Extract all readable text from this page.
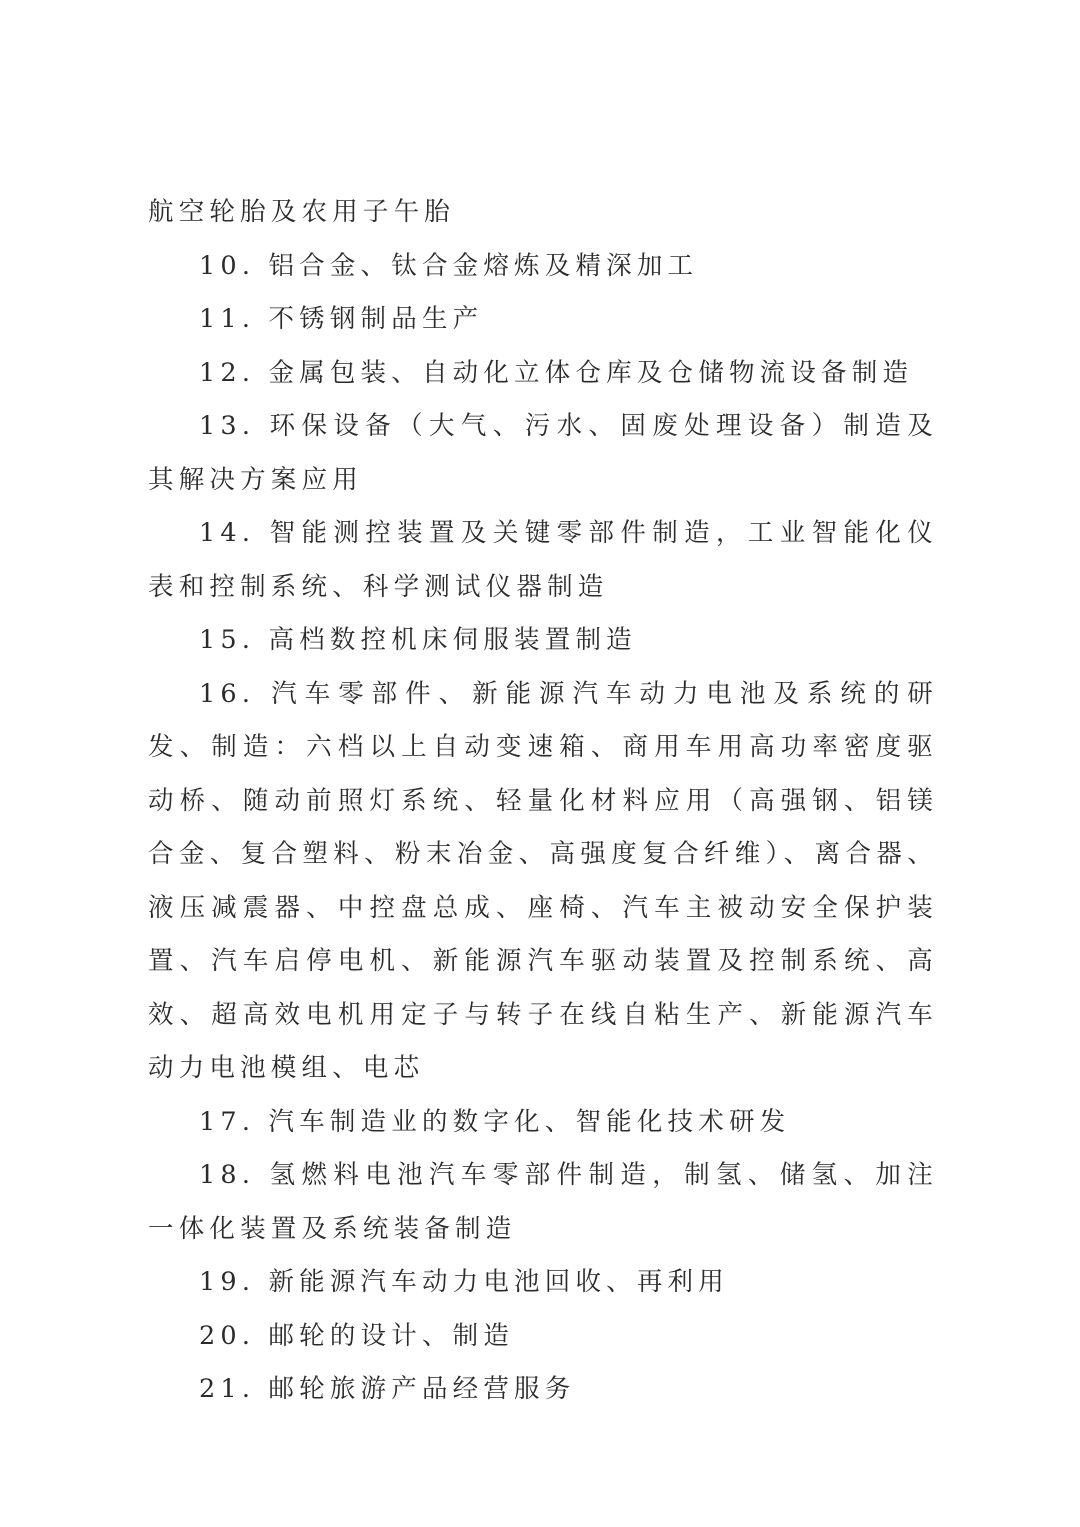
航空轮胎及农用子午胎

10. 铝合金、钛合金熔炼及精深加工

11. 不锈钢制品生产

12. 金属包装、自动化立体仓库及仓储物流设备制造

13. 环保设备（大气、污水、固废处理设备）制造及其解决方案应用

14. 智能测控装置及关键零部件制造，工业智能化仪表和控制系统、科学测试仪器制造

15. 高档数控机床伺服装置制造

16. 汽车零部件、新能源汽车动力电池及系统的研发、制造：六档以上自动变速箱、商用车用高功率密度驱动桥、随动前照灯系统、轻量化材料应用（高强钢、铝镁合金、复合塑料、粉末冶金、高强度复合纤维）、离合器、液压减震器、中控盘总成、座椅、汽车主被动安全保护装置、汽车启停电机、新能源汽车驱动装置及控制系统、高效、超高效电机用定子与转子在线自粘生产、新能源汽车动力电池模组、电芯

17. 汽车制造业的数字化、智能化技术研发

18. 氢燃料电池汽车零部件制造，制氢、储氢、加注一体化装置及系统装备制造

19. 新能源汽车动力电池回收、再利用

20. 邮轮的设计、制造

21. 邮轮旅游产品经营服务
